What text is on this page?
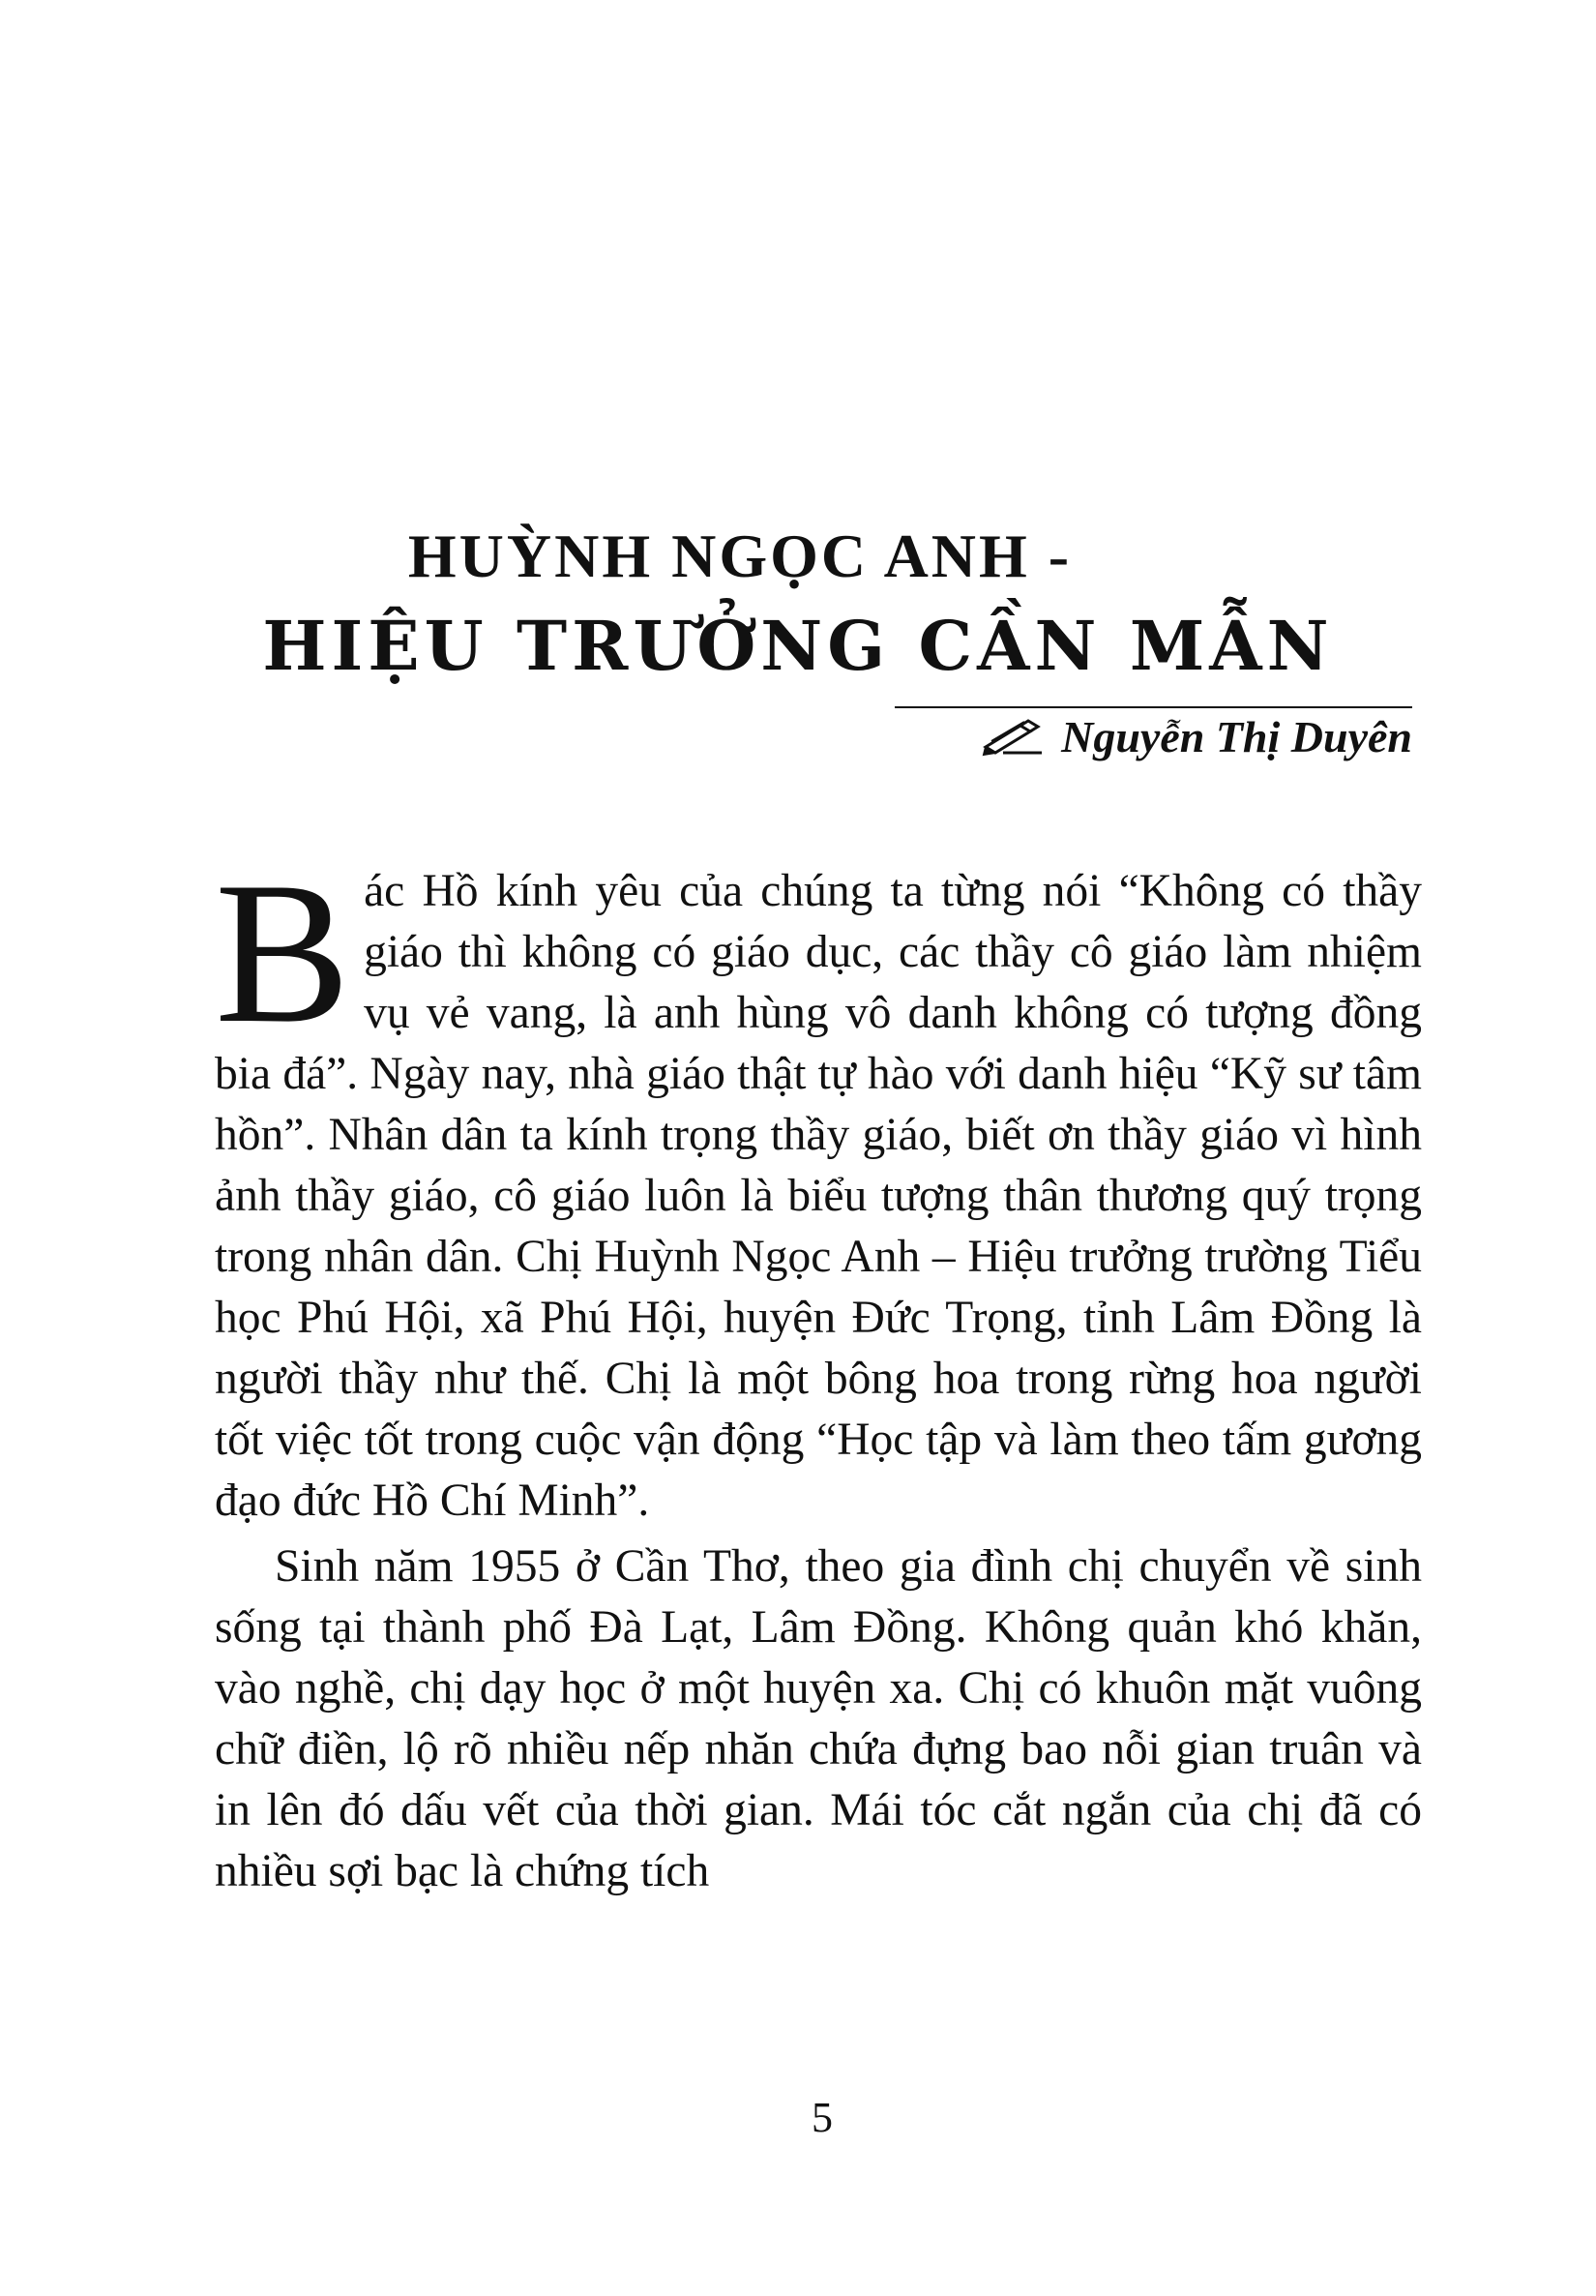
HUỲNH NGỌC ANH -
HIỆU TRƯỞNG CẦN MẪN
Nguyễn Thị Duyên

Bác Hồ kính yêu của chúng ta từng nói “Không có thầy giáo thì không có giáo dục, các thầy cô giáo làm nhiệm vụ vẻ vang, là anh hùng vô danh không có tượng đồng bia đá”. Ngày nay, nhà giáo thật tự hào với danh hiệu “Kỹ sư tâm hồn”. Nhân dân ta kính trọng thầy giáo, biết ơn thầy giáo vì hình ảnh thầy giáo, cô giáo luôn là biểu tượng thân thương quý trọng trong nhân dân. Chị Huỳnh Ngọc Anh – Hiệu trưởng trường Tiểu học Phú Hội, xã Phú Hội, huyện Đức Trọng, tỉnh Lâm Đồng là người thầy như thế. Chị là một bông hoa trong rừng hoa người tốt việc tốt trong cuộc vận động “Học tập và làm theo tấm gương đạo đức Hồ Chí Minh”.

Sinh năm 1955 ở Cần Thơ, theo gia đình chị chuyển về sinh sống tại thành phố Đà Lạt, Lâm Đồng. Không quản khó khăn, vào nghề, chị dạy học ở một huyện xa. Chị có khuôn mặt vuông chữ điền, lộ rõ nhiều nếp nhăn chứa đựng bao nỗi gian truân và in lên đó dấu vết của thời gian. Mái tóc cắt ngắn của chị đã có nhiều sợi bạc là chứng tích

5
